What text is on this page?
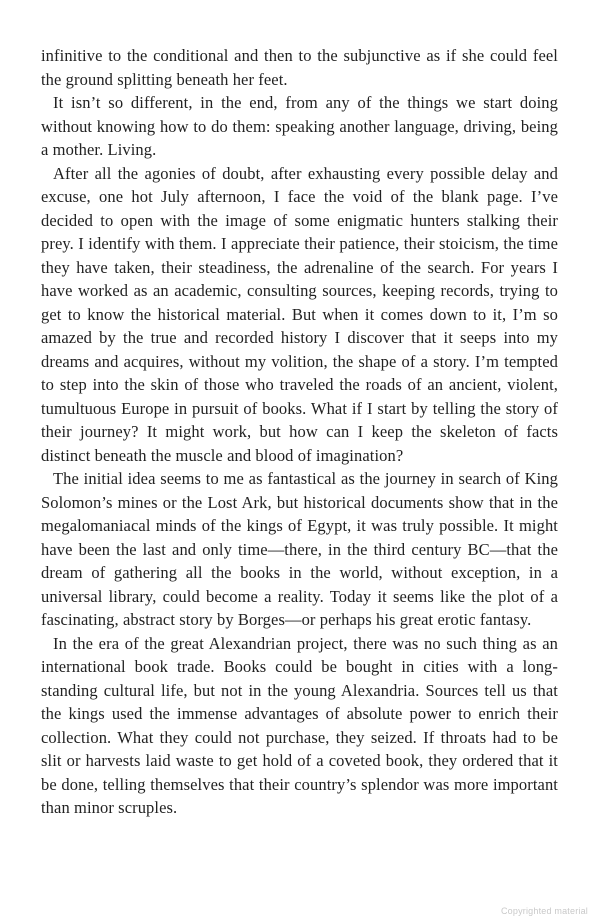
infinitive to the conditional and then to the subjunctive as if she could feel the ground splitting beneath her feet.

It isn’t so different, in the end, from any of the things we start doing without knowing how to do them: speaking another language, driving, being a mother. Living.

After all the agonies of doubt, after exhausting every possible delay and excuse, one hot July afternoon, I face the void of the blank page. I’ve decided to open with the image of some enigmatic hunters stalking their prey. I identify with them. I appreciate their patience, their stoicism, the time they have taken, their steadiness, the adrenaline of the search. For years I have worked as an academic, consulting sources, keeping records, trying to get to know the historical material. But when it comes down to it, I’m so amazed by the true and recorded history I discover that it seeps into my dreams and acquires, without my volition, the shape of a story. I’m tempted to step into the skin of those who traveled the roads of an ancient, violent, tumultuous Europe in pursuit of books. What if I start by telling the story of their journey? It might work, but how can I keep the skeleton of facts distinct beneath the muscle and blood of imagination?

The initial idea seems to me as fantastical as the journey in search of King Solomon’s mines or the Lost Ark, but historical documents show that in the megalomaniacal minds of the kings of Egypt, it was truly possible. It might have been the last and only time—there, in the third century BC—that the dream of gathering all the books in the world, without exception, in a universal library, could become a reality. Today it seems like the plot of a fascinating, abstract story by Borges—or perhaps his great erotic fantasy.

In the era of the great Alexandrian project, there was no such thing as an international book trade. Books could be bought in cities with a long-standing cultural life, but not in the young Alexandria. Sources tell us that the kings used the immense advantages of absolute power to enrich their collection. What they could not purchase, they seized. If throats had to be slit or harvests laid waste to get hold of a coveted book, they ordered that it be done, telling themselves that their country’s splendor was more important than minor scruples.

Copyrighted material
